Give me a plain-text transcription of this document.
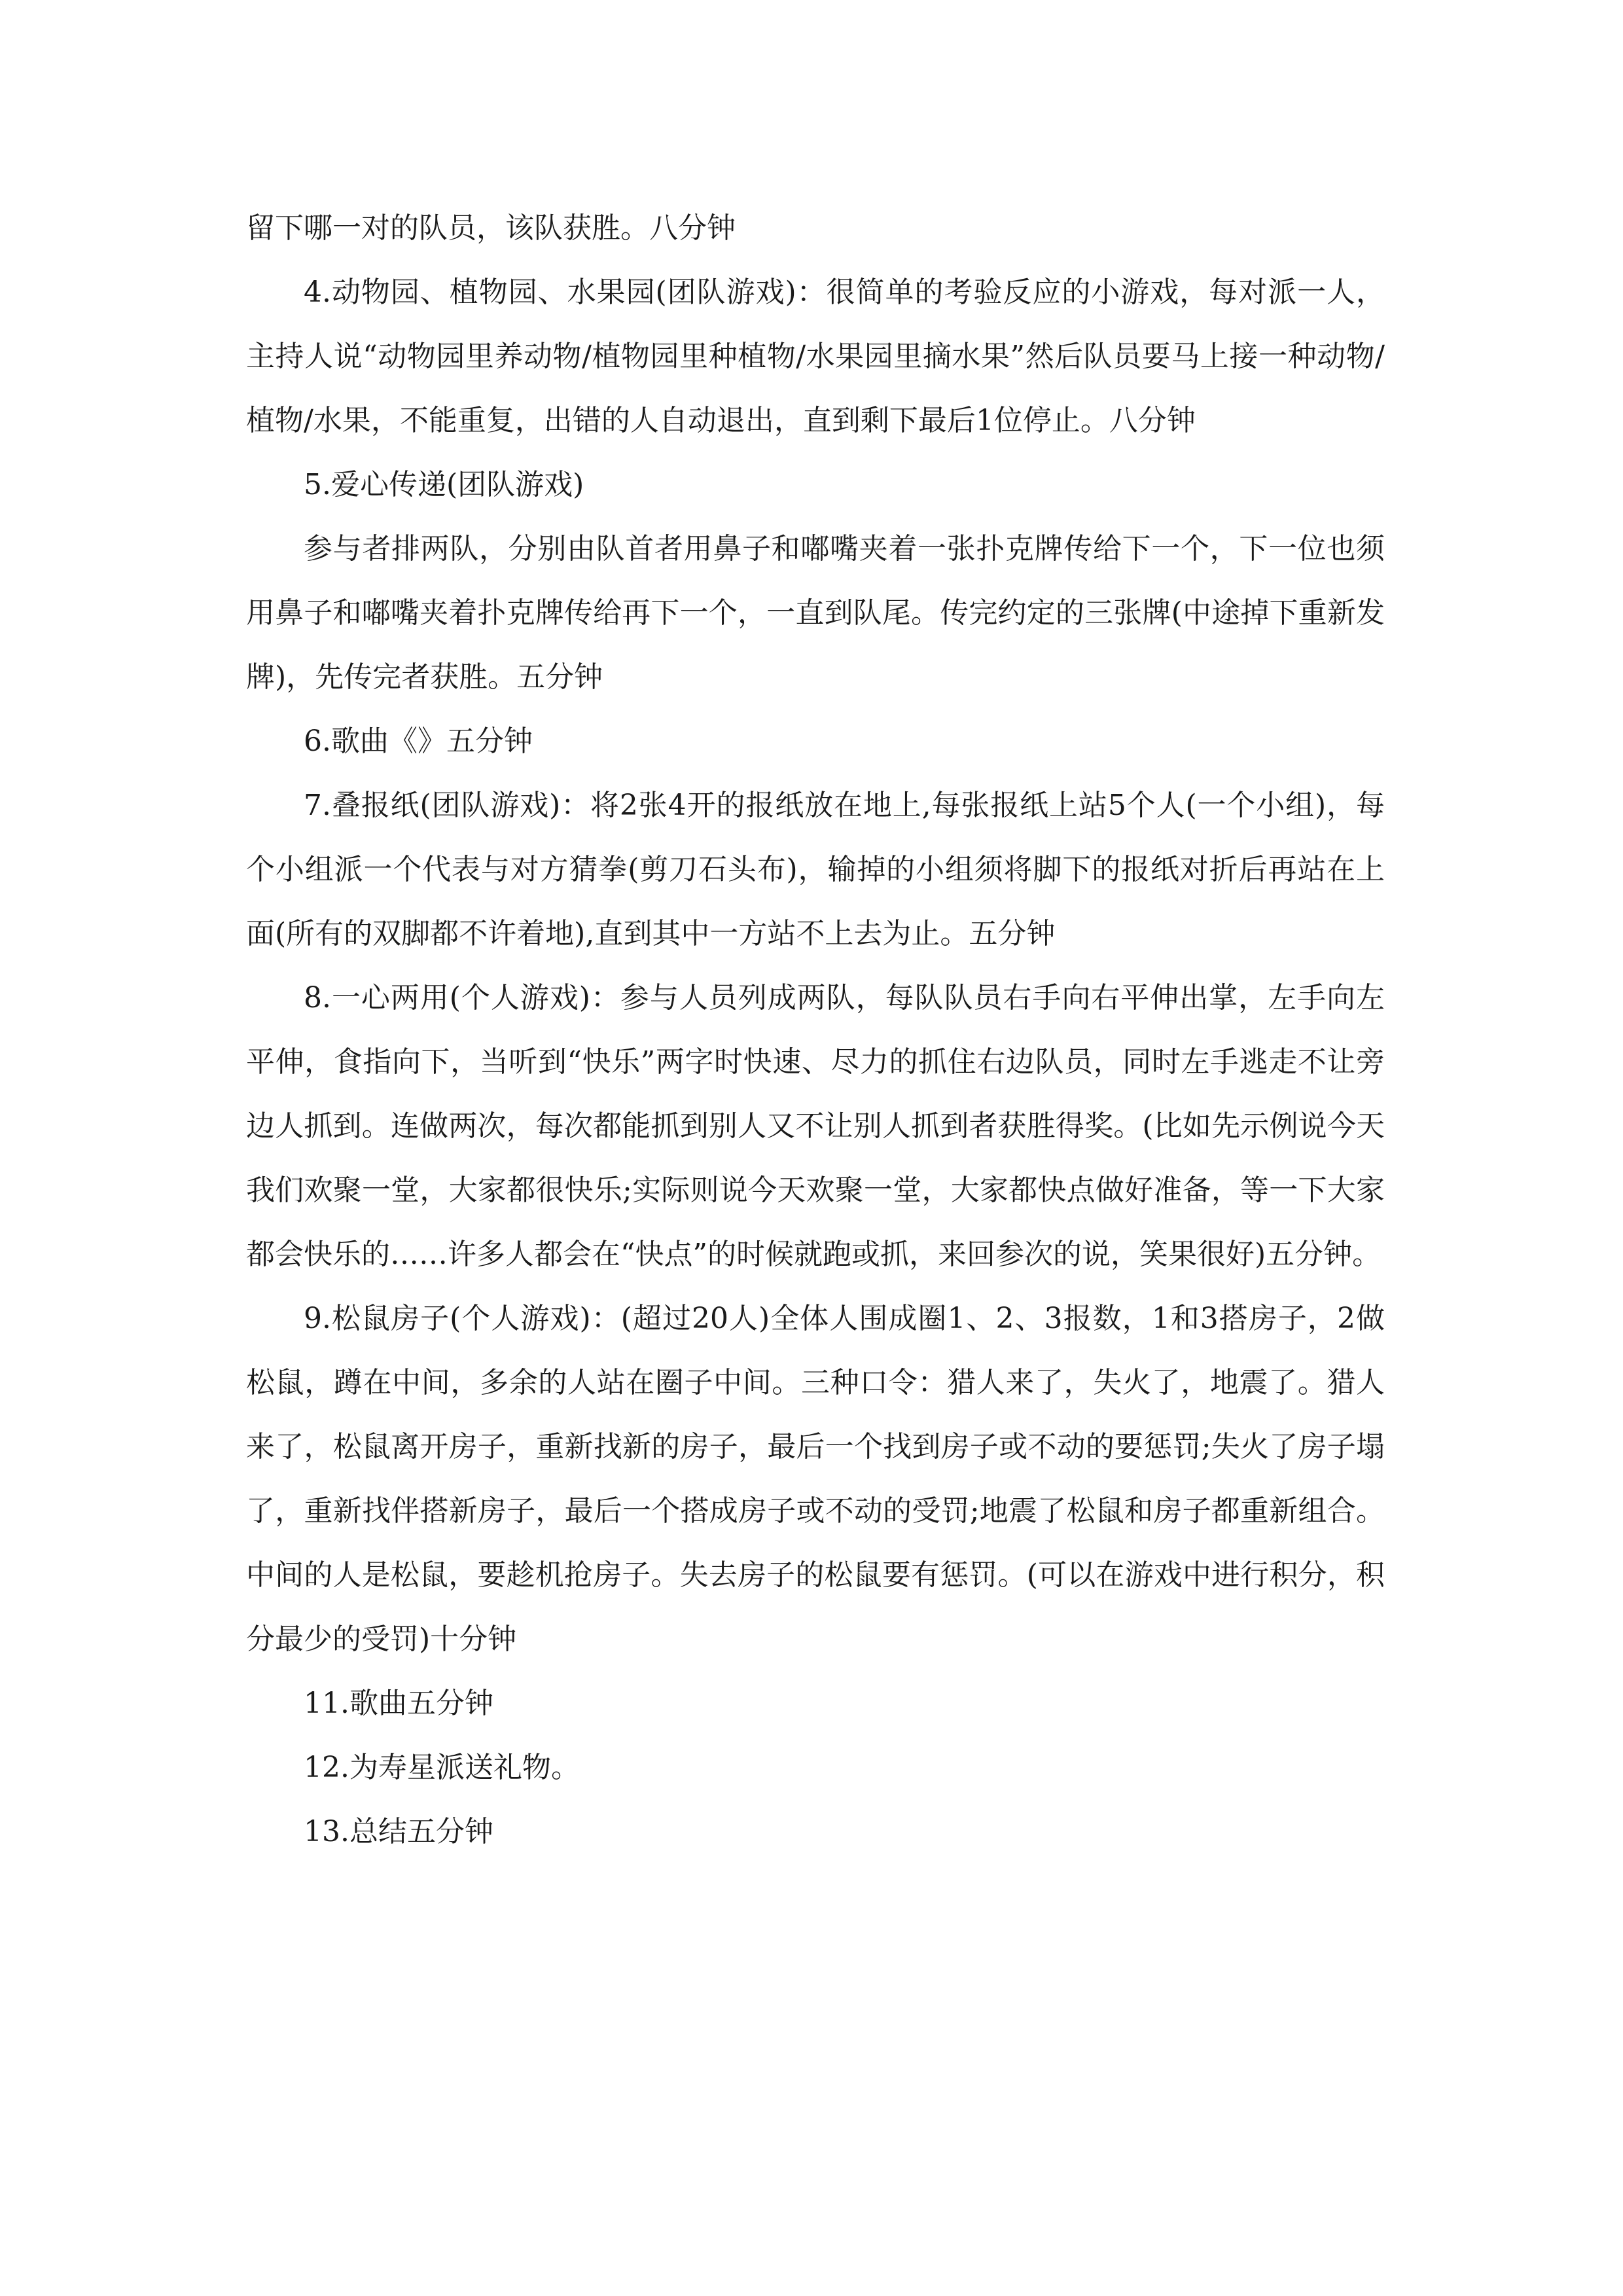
留下哪一对的队员，该队获胜。八分钟

4.动物园、植物园、水果园(团队游戏)：很简单的考验反应的小游戏，每对派一人，主持人说“动物园里养动物/植物园里种植物/水果园里摘水果”然后队员要马上接一种动物/植物/水果，不能重复，出错的人自动退出，直到剩下最后1位停止。八分钟

5.爱心传递(团队游戏)

参与者排两队，分别由队首者用鼻子和嘟嘴夹着一张扑克牌传给下一个，下一位也须用鼻子和嘟嘴夹着扑克牌传给再下一个，一直到队尾。传完约定的三张牌(中途掉下重新发牌)，先传完者获胜。五分钟

6.歌曲《》五分钟

7.叠报纸(团队游戏)：将2张4开的报纸放在地上,每张报纸上站5个人(一个小组)，每个小组派一个代表与对方猜拳(剪刀石头布)，输掉的小组须将脚下的报纸对折后再站在上面(所有的双脚都不许着地),直到其中一方站不上去为止。五分钟

8.一心两用(个人游戏)：参与人员列成两队，每队队员右手向右平伸出掌，左手向左平伸，食指向下，当听到“快乐”两字时快速、尽力的抓住右边队员，同时左手逃走不让旁边人抓到。连做两次，每次都能抓到别人又不让别人抓到者获胜得奖。(比如先示例说今天我们欢聚一堂，大家都很快乐;实际则说今天欢聚一堂，大家都快点做好准备，等一下大家都会快乐的……许多人都会在“快点”的时候就跑或抓，来回参次的说，笑果很好)五分钟。

9.松鼠房子(个人游戏)：(超过20人)全体人围成圈1、2、3报数，1和3搭房子，2做松鼠，蹲在中间，多余的人站在圈子中间。三种口令：猎人来了，失火了，地震了。猎人来了，松鼠离开房子，重新找新的房子，最后一个找到房子或不动的要惩罚;失火了房子塌了，重新找伴搭新房子，最后一个搭成房子或不动的受罚;地震了松鼠和房子都重新组合。中间的人是松鼠，要趁机抢房子。失去房子的松鼠要有惩罚。(可以在游戏中进行积分，积分最少的受罚)十分钟

11.歌曲五分钟

12.为寿星派送礼物。

13.总结五分钟
